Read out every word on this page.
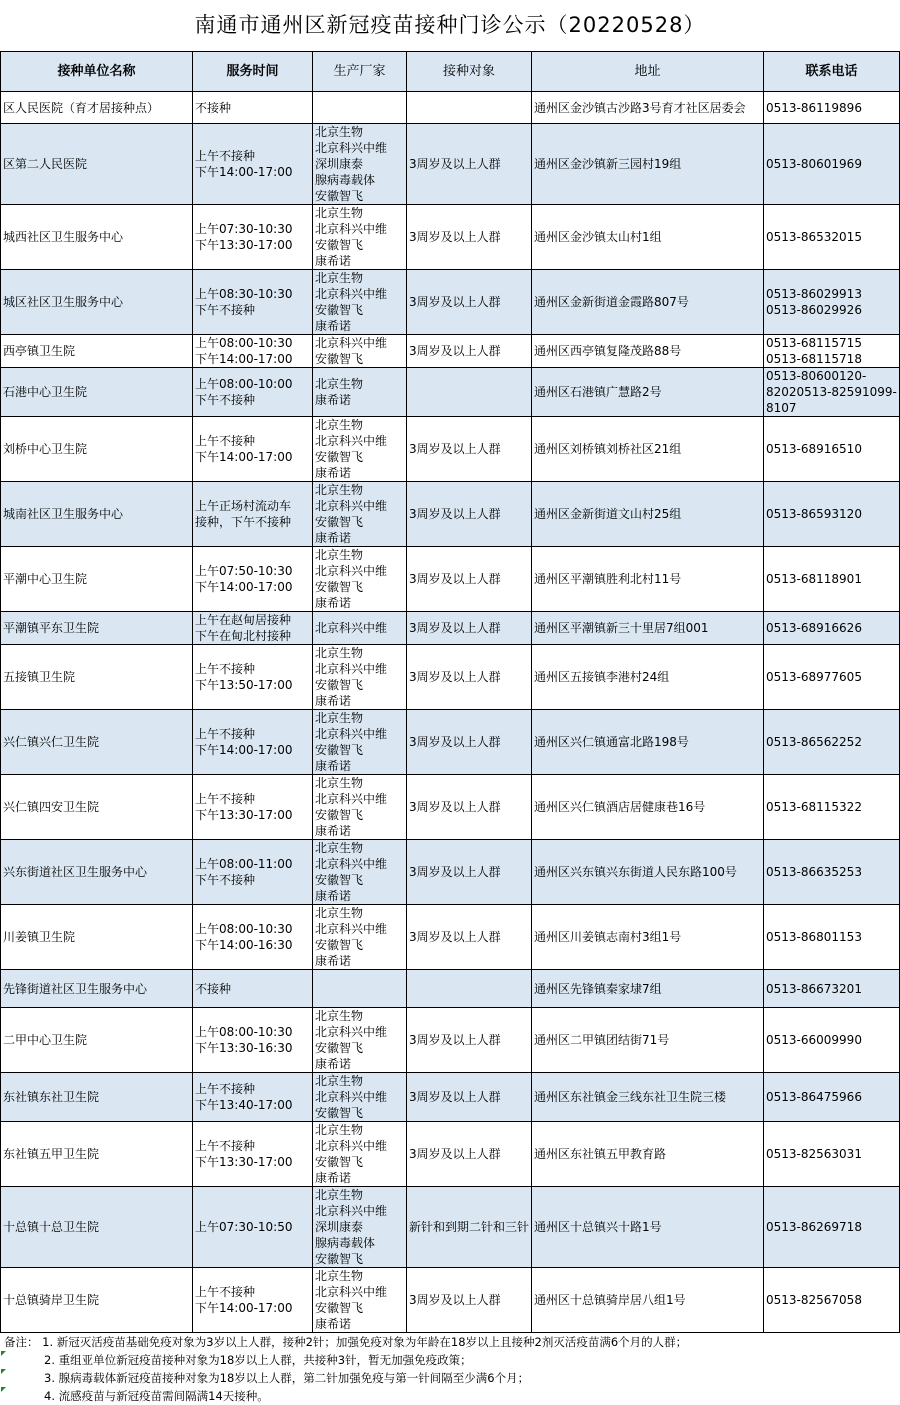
南通市通州区新冠疫苗接种门诊公示（20220528）
接种单位名称	服务时间	生产厂家	接种对象	地址	联系电话
区人民医院（育才居接种点）	不接种			通州区金沙镇古沙路3号育才社区居委会	0513-86119896

区第二人民医院	上午不接种
下午14:00-17:00	北京生物
北京科兴中维
深圳康泰
腺病毒载体
安徽智飞	3周岁及以上人群	通州区金沙镇新三园村19组	0513-80601969

城西社区卫生服务中心	上午07:30-10:30
下午13:30-17:00	北京生物
北京科兴中维
安徽智飞
康希诺	3周岁及以上人群	通州区金沙镇太山村1组	0513-86532015

城区社区卫生服务中心	上午08:30-10:30
下午不接种	北京生物
北京科兴中维
安徽智飞
康希诺	3周岁及以上人群	通州区金新街道金霞路807号	0513-86029913
0513-86029926

西亭镇卫生院	上午08:00-10:30
下午14:00-17:00	北京科兴中维
安徽智飞	3周岁及以上人群	通州区西亭镇复隆茂路88号	0513-68115715
0513-68115718

石港中心卫生院	上午08:00-10:00
下午不接种	北京生物
康希诺		通州区石港镇广慧路2号	0513-80600120-
82020513-82591099-
8107

刘桥中心卫生院	上午不接种
下午14:00-17:00	北京生物
北京科兴中维
安徽智飞
康希诺	3周岁及以上人群	通州区刘桥镇刘桥社区21组	0513-68916510

城南社区卫生服务中心	上午正场村流动车
接种，下午不接种	北京生物
北京科兴中维
安徽智飞
康希诺	3周岁及以上人群	通州区金新街道文山村25组	0513-86593120

平潮中心卫生院	上午07:50-10:30
下午14:00-17:00	北京生物
北京科兴中维
安徽智飞
康希诺	3周岁及以上人群	通州区平潮镇胜利北村11号	0513-68118901

平潮镇平东卫生院	上午在赵甸居接种
下午在甸北村接种	北京科兴中维	3周岁及以上人群	通州区平潮镇新三十里居7组001	0513-68916626

五接镇卫生院	上午不接种
下午13:50-17:00	北京生物
北京科兴中维
安徽智飞
康希诺	3周岁及以上人群	通州区五接镇李港村24组	0513-68977605

兴仁镇兴仁卫生院	上午不接种
下午14:00-17:00	北京生物
北京科兴中维
安徽智飞
康希诺	3周岁及以上人群	通州区兴仁镇通富北路198号	0513-86562252

兴仁镇四安卫生院	上午不接种
下午13:30-17:00	北京生物
北京科兴中维
安徽智飞
康希诺	3周岁及以上人群	通州区兴仁镇酒店居健康巷16号	0513-68115322

兴东街道社区卫生服务中心	上午08:00-11:00
下午不接种	北京生物
北京科兴中维
安徽智飞
康希诺	3周岁及以上人群	通州区兴东镇兴东街道人民东路100号	0513-86635253

川姜镇卫生院	上午08:00-10:30
下午14:00-16:30	北京生物
北京科兴中维
安徽智飞
康希诺	3周岁及以上人群	通州区川姜镇志南村3组1号	0513-86801153

先锋街道社区卫生服务中心	不接种			通州区先锋镇秦家埭7组	0513-86673201

二甲中心卫生院	上午08:00-10:30
下午13:30-16:30	北京生物
北京科兴中维
安徽智飞
康希诺	3周岁及以上人群	通州区二甲镇团结街71号	0513-66009990

东社镇东社卫生院	上午不接种
下午13:40-17:00	北京生物
北京科兴中维
安徽智飞	3周岁及以上人群	通州区东社镇金三线东社卫生院三楼	0513-86475966

东社镇五甲卫生院	上午不接种
下午13:30-17:00	北京生物
北京科兴中维
安徽智飞
康希诺	3周岁及以上人群	通州区东社镇五甲教育路	0513-82563031

十总镇十总卫生院	上午07:30-10:50	北京生物
北京科兴中维
深圳康泰
腺病毒载体
安徽智飞	新针和到期二针和三针	通州区十总镇兴十路1号	0513-86269718

十总镇骑岸卫生院	上午不接种
下午14:00-17:00	北京生物
北京科兴中维
安徽智飞
康希诺	3周岁及以上人群	通州区十总镇骑岸居八组1号	0513-82567058
备注： 1. 新冠灭活疫苗基础免疫对象为3岁以上人群，接种2针；加强免疫对象为年龄在18岁以上且接种2剂灭活疫苗满6个月的人群；
2. 重组亚单位新冠疫苗接种对象为18岁以上人群，共接种3针，暂无加强免疫政策；
3. 腺病毒载体新冠疫苗接种对象为18岁以上人群，第二针加强免疫与第一针间隔至少满6个月；
4. 流感疫苗与新冠疫苗需间隔满14天接种。
